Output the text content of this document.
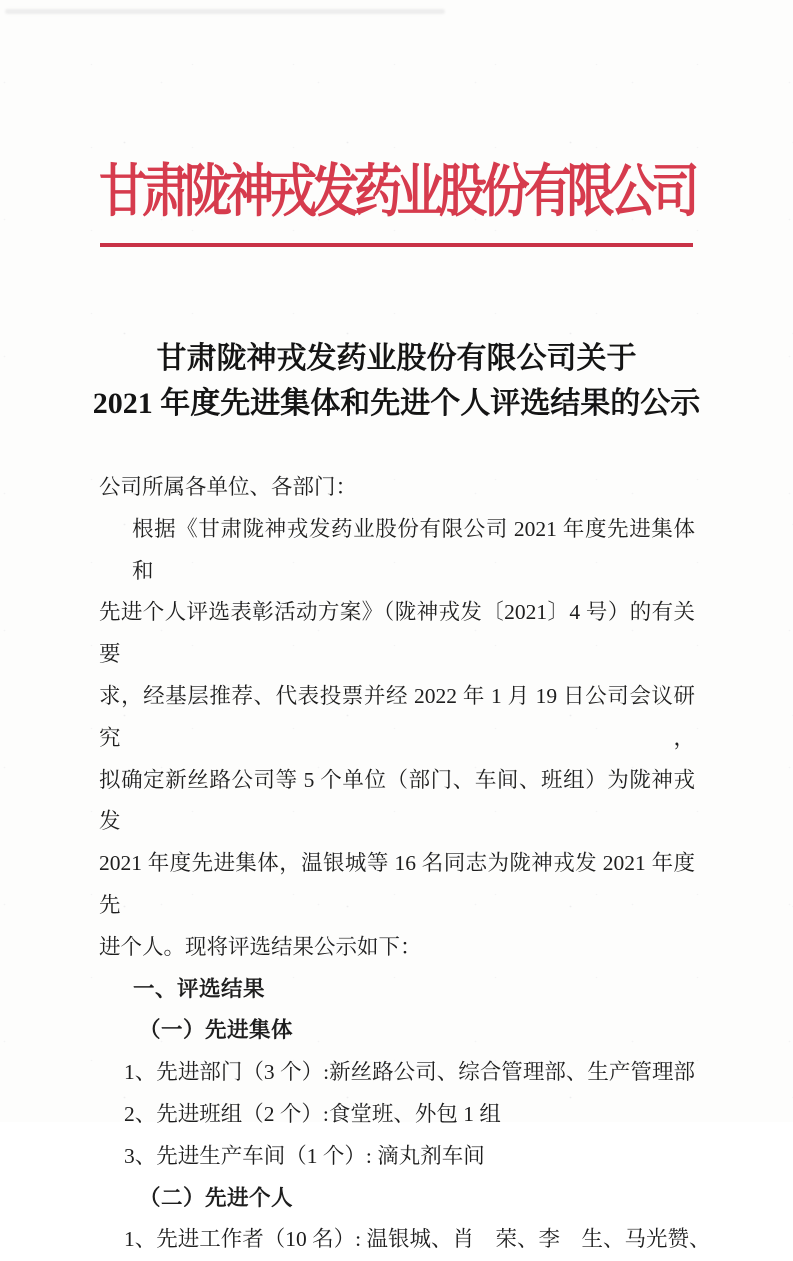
甘肃陇神戎发药业股份有限公司
甘肃陇神戎发药业股份有限公司关于
2021 年度先进集体和先进个人评选结果的公示
公司所属各单位、各部门：
根据《甘肃陇神戎发药业股份有限公司 2021 年度先进集体和
先进个人评选表彰活动方案》（陇神戎发〔2021〕4 号）的有关要
求，经基层推荐、代表投票并经 2022 年 1 月 19 日公司会议研究，
拟确定新丝路公司等 5 个单位（部门、车间、班组）为陇神戎发
2021 年度先进集体，温银城等 16 名同志为陇神戎发 2021 年度先
进个人。现将评选结果公示如下：
一、评选结果
（一）先进集体
1、先进部门（3 个）:新丝路公司、综合管理部、生产管理部
2、先进班组（2 个）:食堂班、外包 1 组
3、先进生产车间（1 个）: 滴丸剂车间
（二）先进个人
1、先进工作者（10 名）: 温银城、肖　荣、李　生、马光赞、
